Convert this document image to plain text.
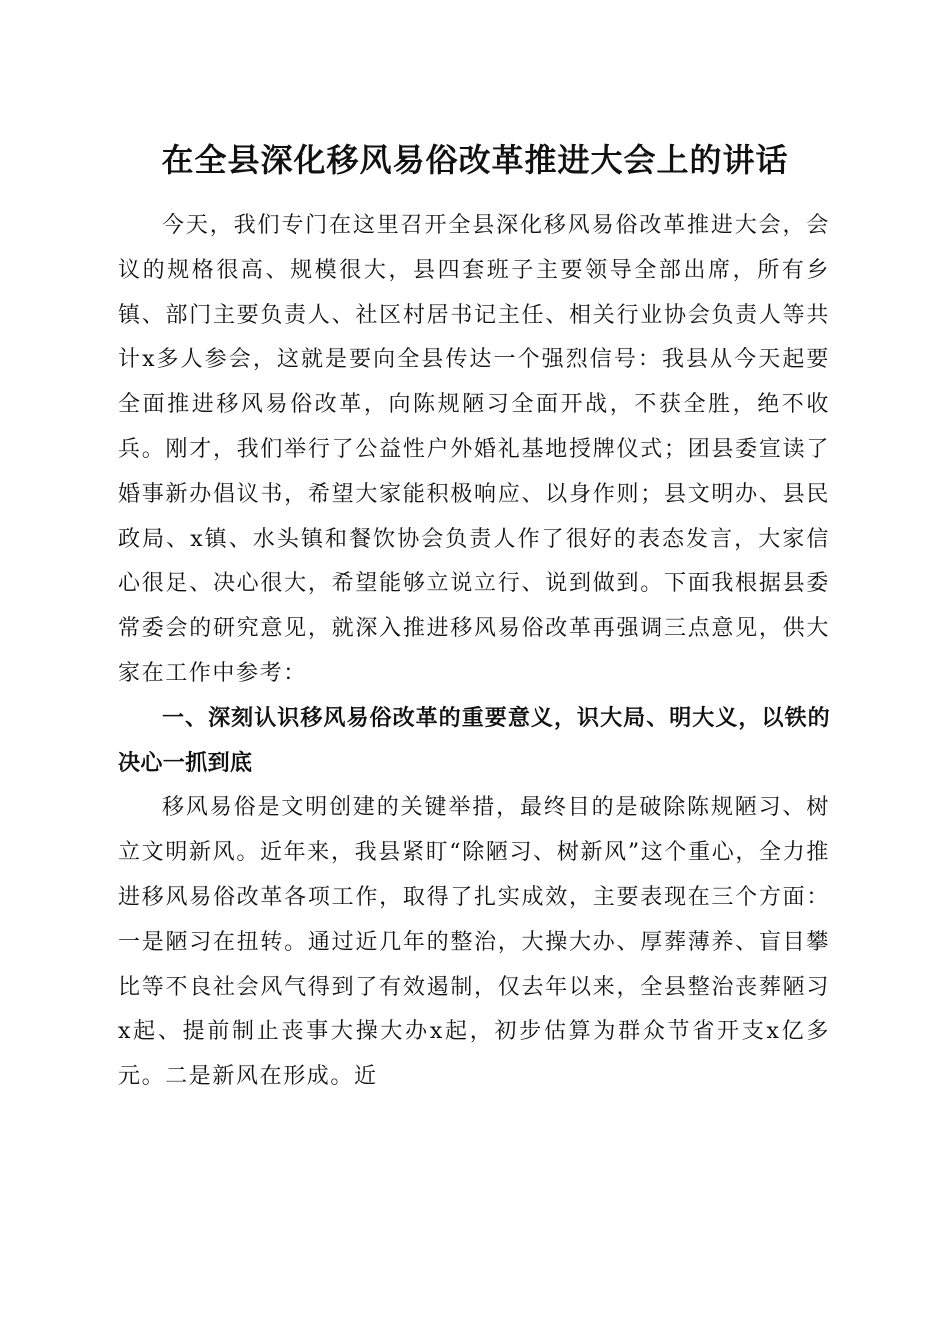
在全县深化移风易俗改革推进大会上的讲话

今天，我们专门在这里召开全县深化移风易俗改革推进大会，会议的规格很高、规模很大，县四套班子主要领导全部出席，所有乡镇、部门主要负责人、社区村居书记主任、相关行业协会负责人等共计x多人参会，这就是要向全县传达一个强烈信号：我县从今天起要全面推进移风易俗改革，向陈规陋习全面开战，不获全胜，绝不收兵。刚才，我们举行了公益性户外婚礼基地授牌仪式；团县委宣读了婚事新办倡议书，希望大家能积极响应、以身作则；县文明办、县民政局、x镇、水头镇和餐饮协会负责人作了很好的表态发言，大家信心很足、决心很大，希望能够立说立行、说到做到。下面我根据县委常委会的研究意见，就深入推进移风易俗改革再强调三点意见，供大家在工作中参考：

一、深刻认识移风易俗改革的重要意义，识大局、明大义，以铁的决心一抓到底

移风易俗是文明创建的关键举措，最终目的是破除陈规陋习、树立文明新风。近年来，我县紧盯“除陋习、树新风”这个重心，全力推进移风易俗改革各项工作，取得了扎实成效，主要表现在三个方面：一是陋习在扭转。通过近几年的整治，大操大办、厚葬薄养、盲目攀比等不良社会风气得到了有效遏制，仅去年以来，全县整治丧葬陋习x起、提前制止丧事大操大办x起，初步估算为群众节省开支x亿多元。二是新风在形成。近
